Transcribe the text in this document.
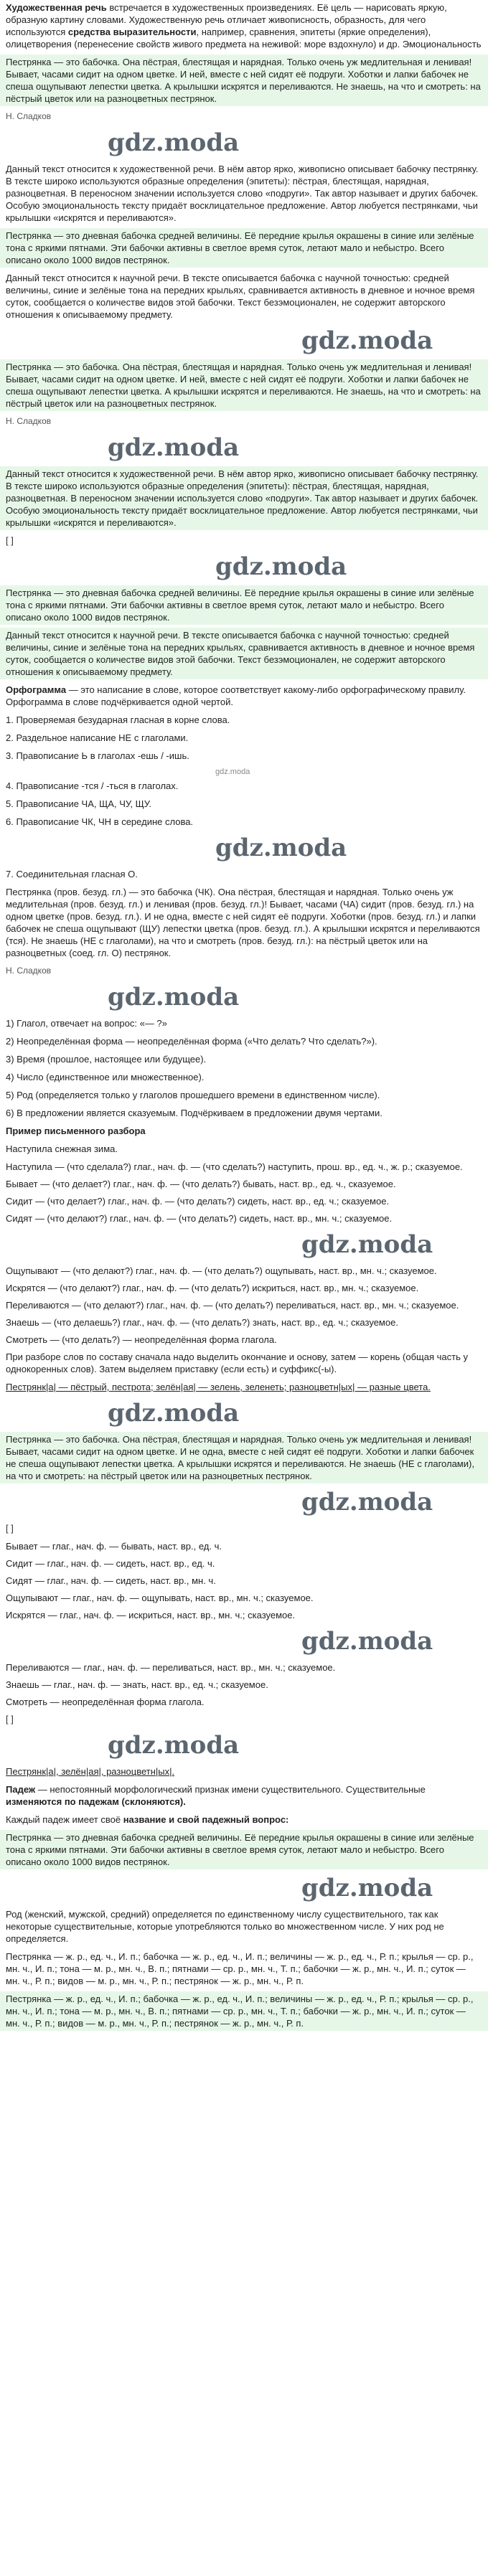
Художественная речь встречается в художественных произведениях. Её цель — нарисовать яркую, образную картину словами. Художественную речь отличает живописность, образность, для чего используются средства выразительности, например, сравнения, эпитеты (яркие определения), олицетворения (перенесение свойств живого предмета на неживой: море вздохнуло) и др. Эмоциональность
Пестрянка — это бабочка. Она пёстрая, блестящая и нарядная. Только очень уж медлительная и ленивая! Бывает, часами сидит на одном цветке. И ней, вместе с ней сидят её подруги. Хоботки и лапки бабочек не спеша ощупывают лепестки цветка. А крылышки искрятся и переливаются. Не знаешь, на что и смотреть: на пёстрый цветок или на разноцветных пестрянок.
Н. Сладков
gdz.moda
Данный текст относится к художественной речи. В нём автор ярко, живописно описывает бабочку пестрянку. В тексте широко используются образные определения (эпитеты): пёстрая, блестящая, нарядная, разноцветная. В переносном значении используется слово «подруги». Так автор называет и других бабочек. Особую эмоциональность тексту придаёт восклицательное предложение. Автор любуется пестрянками, чьи крылышки «искрятся и переливаются».
Пестрянка — это дневная бабочка средней величины. Её передние крылья окрашены в синие или зелёные тона с яркими пятнами. Эти бабочки активны в светлое время суток, летают мало и небыстро. Всего описано около 1000 видов пестрянок.
Данный текст относится к научной речи. В тексте описывается бабочка с научной точностью: средней величины, синие и зелёные тона на передних крыльях, сравнивается активность в дневное и ночное время суток, сообщается о количестве видов этой бабочки. Текст безэмоционален, не содержит авторского отношения к описываемому предмету.
gdz.moda
Пестрянка — это бабочка. Она пёстрая, блестящая и нарядная. Только очень уж медлительная и ленивая! Бывает, часами сидит на одном цветке. И ней, вместе с ней сидят её подруги. Хоботки и лапки бабочек не спеша ощупывают лепестки цветка. А крылышки искрятся и переливаются. Не знаешь, на что и смотреть: на пёстрый цветок или на разноцветных пестрянок.
Н. Сладков
gdz.moda
Данный текст относится к художественной речи. В нём автор ярко, живописно описывает бабочку пестрянку. В тексте широко используются образные определения (эпитеты): пёстрая, блестящая, нарядная, разноцветная. В переносном значении используется слово «подруги». Так автор называет и других бабочек. Особую эмоциональность тексту придаёт восклицательное предложение. Автор любуется пестрянками, чьи крылышки «искрятся и переливаются».
[ ]
gdz.moda
Пестрянка — это дневная бабочка средней величины. Её передние крылья окрашены в синие или зелёные тона с яркими пятнами. Эти бабочки активны в светлое время суток, летают мало и небыстро. Всего описано около 1000 видов пестрянок.
Данный текст относится к научной речи. В тексте описывается бабочка с научной точностью: средней величины, синие и зелёные тона на передних крыльях, сравнивается активность в дневное и ночное время суток, сообщается о количестве видов этой бабочки. Текст безэмоционален, не содержит авторского отношения к описываемому предмету.
Орфограмма — это написание в слове, которое соответствует какому-либо орфографическому правилу. Орфограмма в слове подчёркивается одной чертой.
1. Проверяемая безударная гласная в корне слова.
2. Раздельное написание НЕ с глаголами.
3. Правописание Ь в глаголах -ешь / -ишь.
gdz.moda
4. Правописание -тся / -ться в глаголах.
5. Правописание ЧА, ЩА, ЧУ, ЩУ.
6. Правописание ЧК, ЧН в середине слова.
gdz.moda
7. Соединительная гласная О.
Пестрянка (пров. безуд. гл.) — это бабочка (ЧК). Она пёстрая, блестящая и нарядная. Только очень уж медлительная (пров. безуд. гл.) и ленивая (пров. безуд. гл.)! Бывает, часами (ЧА) сидит (пров. безуд. гл.) на одном цветке (пров. безуд. гл.). И не одна, вместе с ней сидят её подруги. Хоботки (пров. безуд. гл.) и лапки бабочек не спеша ощупывают (ЩУ) лепестки цветка (пров. безуд. гл.). А крылышки искрятся и переливаются (тся). Не знаешь (НЕ с глаголами), на что и смотреть (пров. безуд. гл.): на пёстрый цветок или на разноцветных (соед. гл. О) пестрянок.
Н. Сладков
gdz.moda
1) Глагол, отвечает на вопрос: «— ?»
2) Неопределённая форма — неопределённая форма («Что делать? Что сделать?»).
3) Время (прошлое, настоящее или будущее).
4) Число (единственное или множественное).
5) Род (определяется только у глаголов прошедшего времени в единственном числе).
6) В предложении является сказуемым. Подчёркиваем в предложении двумя чертами.
Пример письменного разбора
Наступила снежная зима.
Наступила — (что сделала?) глаг., нач. ф. — (что сделать?) наступить, прош. вр., ед. ч., ж. р.; сказуемое.
Бывает — (что делает?) глаг., нач. ф. — (что делать?) бывать, наст. вр., ед. ч., сказуемое.
Сидит — (что делает?) глаг., нач. ф. — (что делать?) сидеть, наст. вр., ед. ч.; сказуемое.
Сидят — (что делают?) глаг., нач. ф. — (что делать?) сидеть, наст. вр., мн. ч.; сказуемое.
gdz.moda
Ощупывают — (что делают?) глаг., нач. ф. — (что делать?) ощупывать, наст. вр., мн. ч.; сказуемое.
Искрятся — (что делают?) глаг., нач. ф. — (что делать?) искриться, наст. вр., мн. ч.; сказуемое.
Переливаются — (что делают?) глаг., нач. ф. — (что делать?) переливаться, наст. вр., мн. ч.; сказуемое.
Знаешь — (что делаешь?) глаг., нач. ф. — (что делать?) знать, наст. вр., ед. ч.; сказуемое.
Смотреть — (что делать?) — неопределённая форма глагола.
При разборе слов по составу сначала надо выделить окончание и основу, затем — корень (общая часть у однокоренных слов). Затем выделяем приставку (если есть) и суффикс(-ы).
Пестрянк|а| — пёстрый, пестрота; зелён|ая| — зелень, зеленеть; разноцветн|ых| — разные цвета.
gdz.moda
Пестрянка — это бабочка. Она пёстрая, блестящая и нарядная. Только очень уж медлительная и ленивая! Бывает, часами сидит на одном цветке. И не одна, вместе с ней сидят её подруги. Хоботки и лапки бабочек не спеша ощупывают лепестки цветка. А крылышки искрятся и переливаются. Не знаешь (НЕ с глаголами), на что и смотреть: на пёстрый цветок или на разноцветных пестрянок.
gdz.moda
[ ]
Бывает — глаг., нач. ф. — бывать, наст. вр., ед. ч.
Сидит — глаг., нач. ф. — сидеть, наст. вр., ед. ч.
Сидят — глаг., нач. ф. — сидеть, наст. вр., мн. ч.
Ощупывают — глаг., нач. ф. — ощупывать, наст. вр., мн. ч.; сказуемое.
Искрятся — глаг., нач. ф. — искриться, наст. вр., мн. ч.; сказуемое.
gdz.moda
Переливаются — глаг., нач. ф. — переливаться, наст. вр., мн. ч.; сказуемое.
Знаешь — глаг., нач. ф. — знать, наст. вр., ед. ч.; сказуемое.
Смотреть — неопределённая форма глагола.
[ ]
gdz.moda
Пестрянк|а|, зелён|ая|, разноцветн|ых|.
Падеж — непостоянный морфологический признак имени существительного. Существительные изменяются по падежам (склоняются).
Каждый падеж имеет своё название и свой падежный вопрос:
Пестрянка — это дневная бабочка средней величины. Её передние крылья окрашены в синие или зелёные тона с яркими пятнами. Эти бабочки активны в светлое время суток, летают мало и небыстро. Всего описано около 1000 видов пестрянок.
gdz.moda
Род (женский, мужской, средний) определяется по единственному числу существительного, так как некоторые существительные, которые употребляются только во множественном числе. У них род не определяется.
Пестрянка — ж. р., ед. ч., И. п.; бабочка — ж. р., ед. ч., И. п.; величины — ж. р., ед. ч., Р. п.; крылья — ср. р., мн. ч., И. п.; тона — м. р., мн. ч., В. п.; пятнами — ср. р., мн. ч., Т. п.; бабочки — ж. р., мн. ч., И. п.; суток — мн. ч., Р. п.; видов — м. р., мн. ч., Р. п.; пестрянок — ж. р., мн. ч., Р. п.
Пестрянка — ж. р., ед. ч., И. п.; бабочка — ж. р., ед. ч., И. п.; величины — ж. р., ед. ч., Р. п.; крылья — ср. р., мн. ч., И. п.; тона — м. р., мн. ч., В. п.; пятнами — ср. р., мн. ч., Т. п.; бабочки — ж. р., мн. ч., И. п.; суток — мн. ч., Р. п.; видов — м. р., мн. ч., Р. п.; пестрянок — ж. р., мн. ч., Р. п.
